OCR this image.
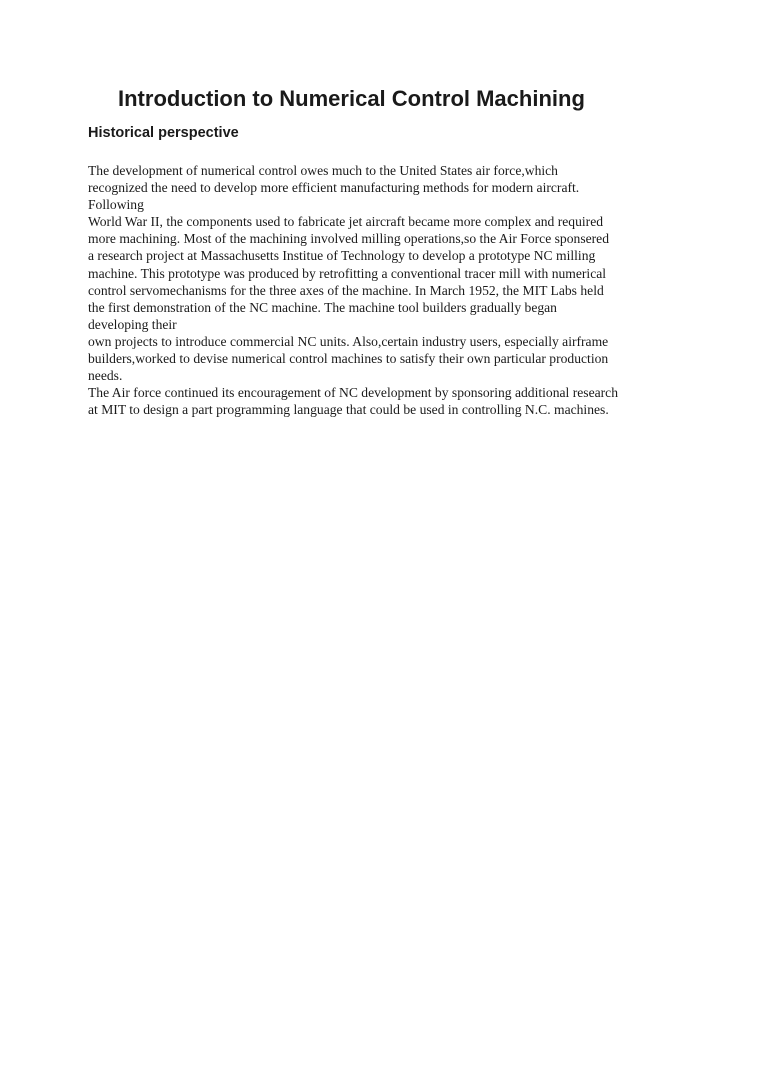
Introduction to Numerical Control Machining
Historical perspective
The development of numerical control owes much to the United States air force,which
recognized the need to develop more efficient manufacturing methods for modern aircraft.
Following
World War II, the components used to fabricate jet aircraft became more complex and required
more machining. Most of the machining involved milling operations,so the Air Force sponsered
a research project at Massachusetts Institue of Technology to develop a prototype NC milling
machine. This prototype was produced by retrofitting a conventional tracer mill with numerical
control servomechanisms for the three axes of the machine. In March 1952, the MIT Labs held
the first demonstration of the NC machine. The machine tool builders gradually began
developing their
own projects to introduce commercial NC units. Also,certain industry users, especially airframe
builders,worked to devise numerical control machines to satisfy their own particular production
needs.
The Air force continued its encouragement of NC development by sponsoring additional research
at MIT to design a part programming language that could be used in controlling N.C. machines.
